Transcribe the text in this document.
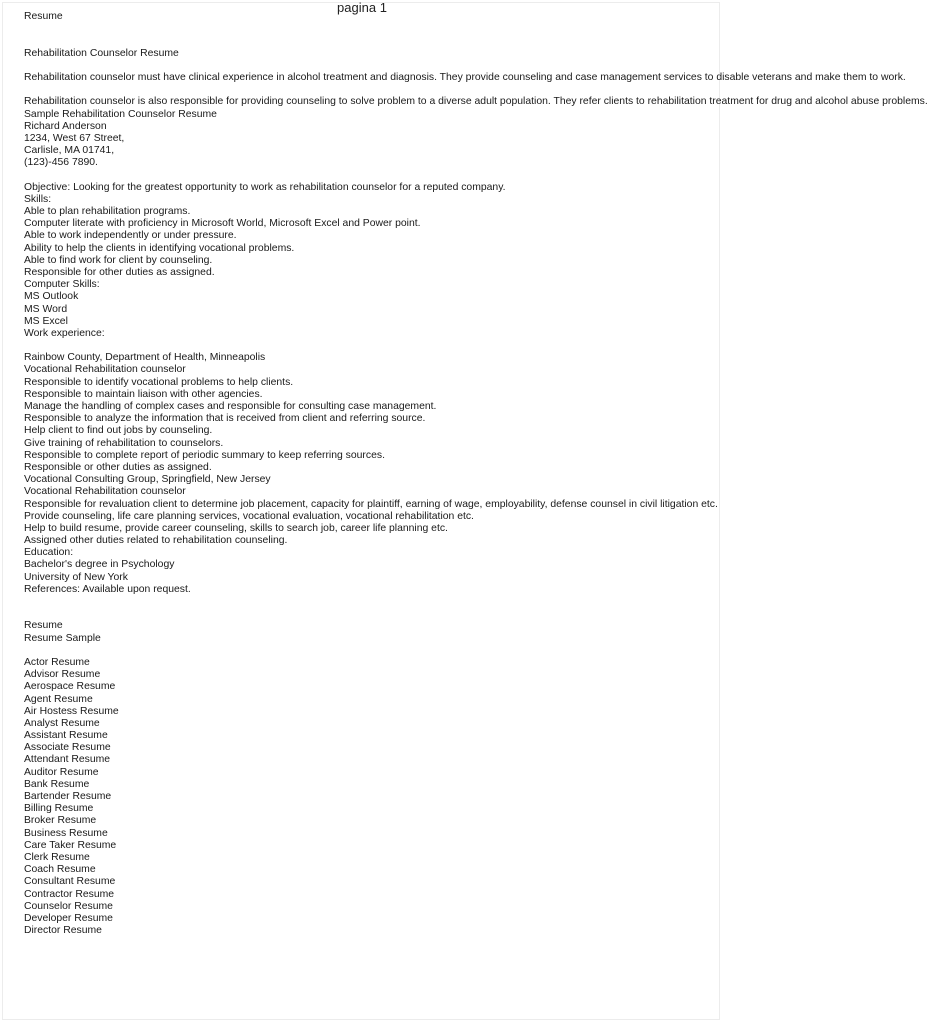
pagina 1
Resume
Rehabilitation Counselor Resume
Rehabilitation counselor must have clinical experience in alcohol treatment and diagnosis. They provide counseling and case management services to disable veterans and make them to work.
Rehabilitation counselor is also responsible for providing counseling to solve problem to a diverse adult population. They refer clients to rehabilitation treatment for drug and alcohol abuse problems.
Sample Rehabilitation Counselor Resume
Richard Anderson
1234, West 67 Street,
Carlisle, MA 01741,
(123)-456 7890.
Objective: Looking for the greatest opportunity to work as rehabilitation counselor for a reputed company.
Skills:
Able to plan rehabilitation programs.
Computer literate with proficiency in Microsoft World, Microsoft Excel and Power point.
Able to work independently or under pressure.
Ability to help the clients in identifying vocational problems.
Able to find work for client by counseling.
Responsible for other duties as assigned.
Computer Skills:
MS Outlook
MS Word
MS Excel
Work experience:
Rainbow County, Department of Health, Minneapolis
Vocational Rehabilitation counselor
Responsible to identify vocational problems to help clients.
Responsible to maintain liaison with other agencies.
Manage the handling of complex cases and responsible for consulting case management.
Responsible to analyze the information that is received from client and referring source.
Help client to find out jobs by counseling.
Give training of rehabilitation to counselors.
Responsible to complete report of periodic summary to keep referring sources.
Responsible or other duties as assigned.
Vocational Consulting Group, Springfield, New Jersey
Vocational Rehabilitation counselor
Responsible for revaluation client to determine job placement, capacity for plaintiff, earning of wage, employability, defense counsel in civil litigation etc.
Provide counseling, life care planning services, vocational evaluation, vocational rehabilitation etc.
Help to build resume, provide career counseling, skills to search job, career life planning etc.
Assigned other duties related to rehabilitation counseling.
Education:
Bachelor's degree in Psychology
University of New York
References: Available upon request.
Resume
Resume Sample
Actor Resume
Advisor Resume
Aerospace Resume
Agent Resume
Air Hostess Resume
Analyst Resume
Assistant Resume
Associate Resume
Attendant Resume
Auditor Resume
Bank Resume
Bartender Resume
Billing Resume
Broker Resume
Business Resume
Care Taker Resume
Clerk Resume
Coach Resume
Consultant Resume
Contractor Resume
Counselor Resume
Developer Resume
Director Resume
